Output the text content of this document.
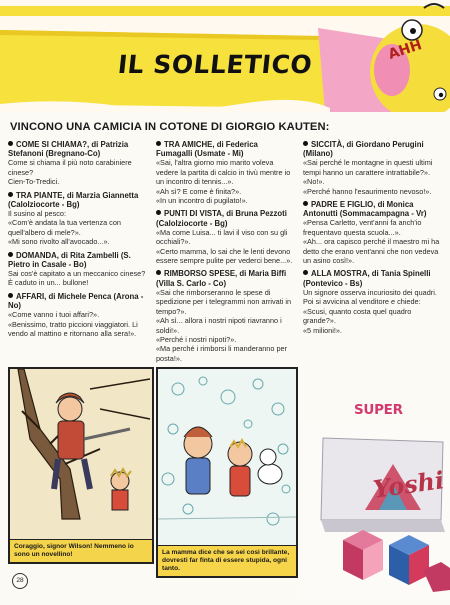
IL SOLLETICO	AHH
VINCONO UNA CAMICIA IN COTONE DI GIORGIO KAUTEN:
COME SI CHIAMA?, di Patrizia Stefanoni (Bregnano-Co)
Come si chiama il più noto carabiniere cinese?
Cien-To-Tredici.
TRA PIANTE, di Marzia Giannetta (Calolziocorte - Bg)
Il susino al pesco:
«Com'è andata la tua vertenza con quell'albero di mele?».
«Mi sono rivolto all'avocado...».
DOMANDA, di Rita Zambelli (S. Pietro in Casale - Bo)
Sai cos'è capitato a un meccanico cinese?
È caduto in un... bullone!
AFFARI, di Michele Penca (Arona - No)
«Come vanno i tuoi affari?».
«Benissimo, tratto piccioni viaggiatori. Li vendo al mattino e ritornano alla sera!».
TRA AMICHE, di Federica Fumagalli (Usmate - Mi)
«Sai, l'altra giorno mio marito voleva vedere la partita di calcio in tivù mentre io un incontro di tennis...».
«Ah sì? E come è finita?».
«In un incontro di pugilato!».
PUNTI DI VISTA, di Bruna Pezzoti (Calolziocorte - Bg)
«Ma come Luisa... ti lavi il viso con su gli occhiali?».
«Certo mamma, lo sai che le lenti devono essere sempre pulite per vederci bene...».
RIMBORSO SPESE, di Maria Biffi (Villa S. Carlo - Co)
«Sai che rimborseranno le spese di spedizione per i telegrammi non arrivati in tempo?».
«Ah sì... allora i nostri nipoti riavranno i soldi!».
«Perché i nostri nipoti?».
«Ma perché i rimborsi li manderanno per posta!».
SICCITÀ, di Giordano Perugini (Milano)
«Sai perché le montagne in questi ultimi tempi hanno un carattere intrattabile?».
«No!».
«Perché hanno l'esaurimento nevoso!».
PADRE E FIGLIO, di Monica Antonutti (Sommacampagna - Vr)
«Pensa Carletto, vent'anni fa anch'io frequentavo questa scuola...».
«Ah... ora capisco perché il maestro mi ha detto che erano vent'anni che non vedeva un asino così!».
ALLA MOSTRA, di Tania Spinelli (Pontevico - Bs)
Un signore osserva incuriosito dei quadri. Poi si avvicina al venditore e chiede:
«Scusi, quanto costa quel quadro grande?».
«5 milioni!».
Coraggio, signor Wilson! Nemmeno io sono un novellino!	La mamma dice che se sei così brillante, dovresti far finta di essere stupida, ogni tanto.
28
SUPER
Yoshi
